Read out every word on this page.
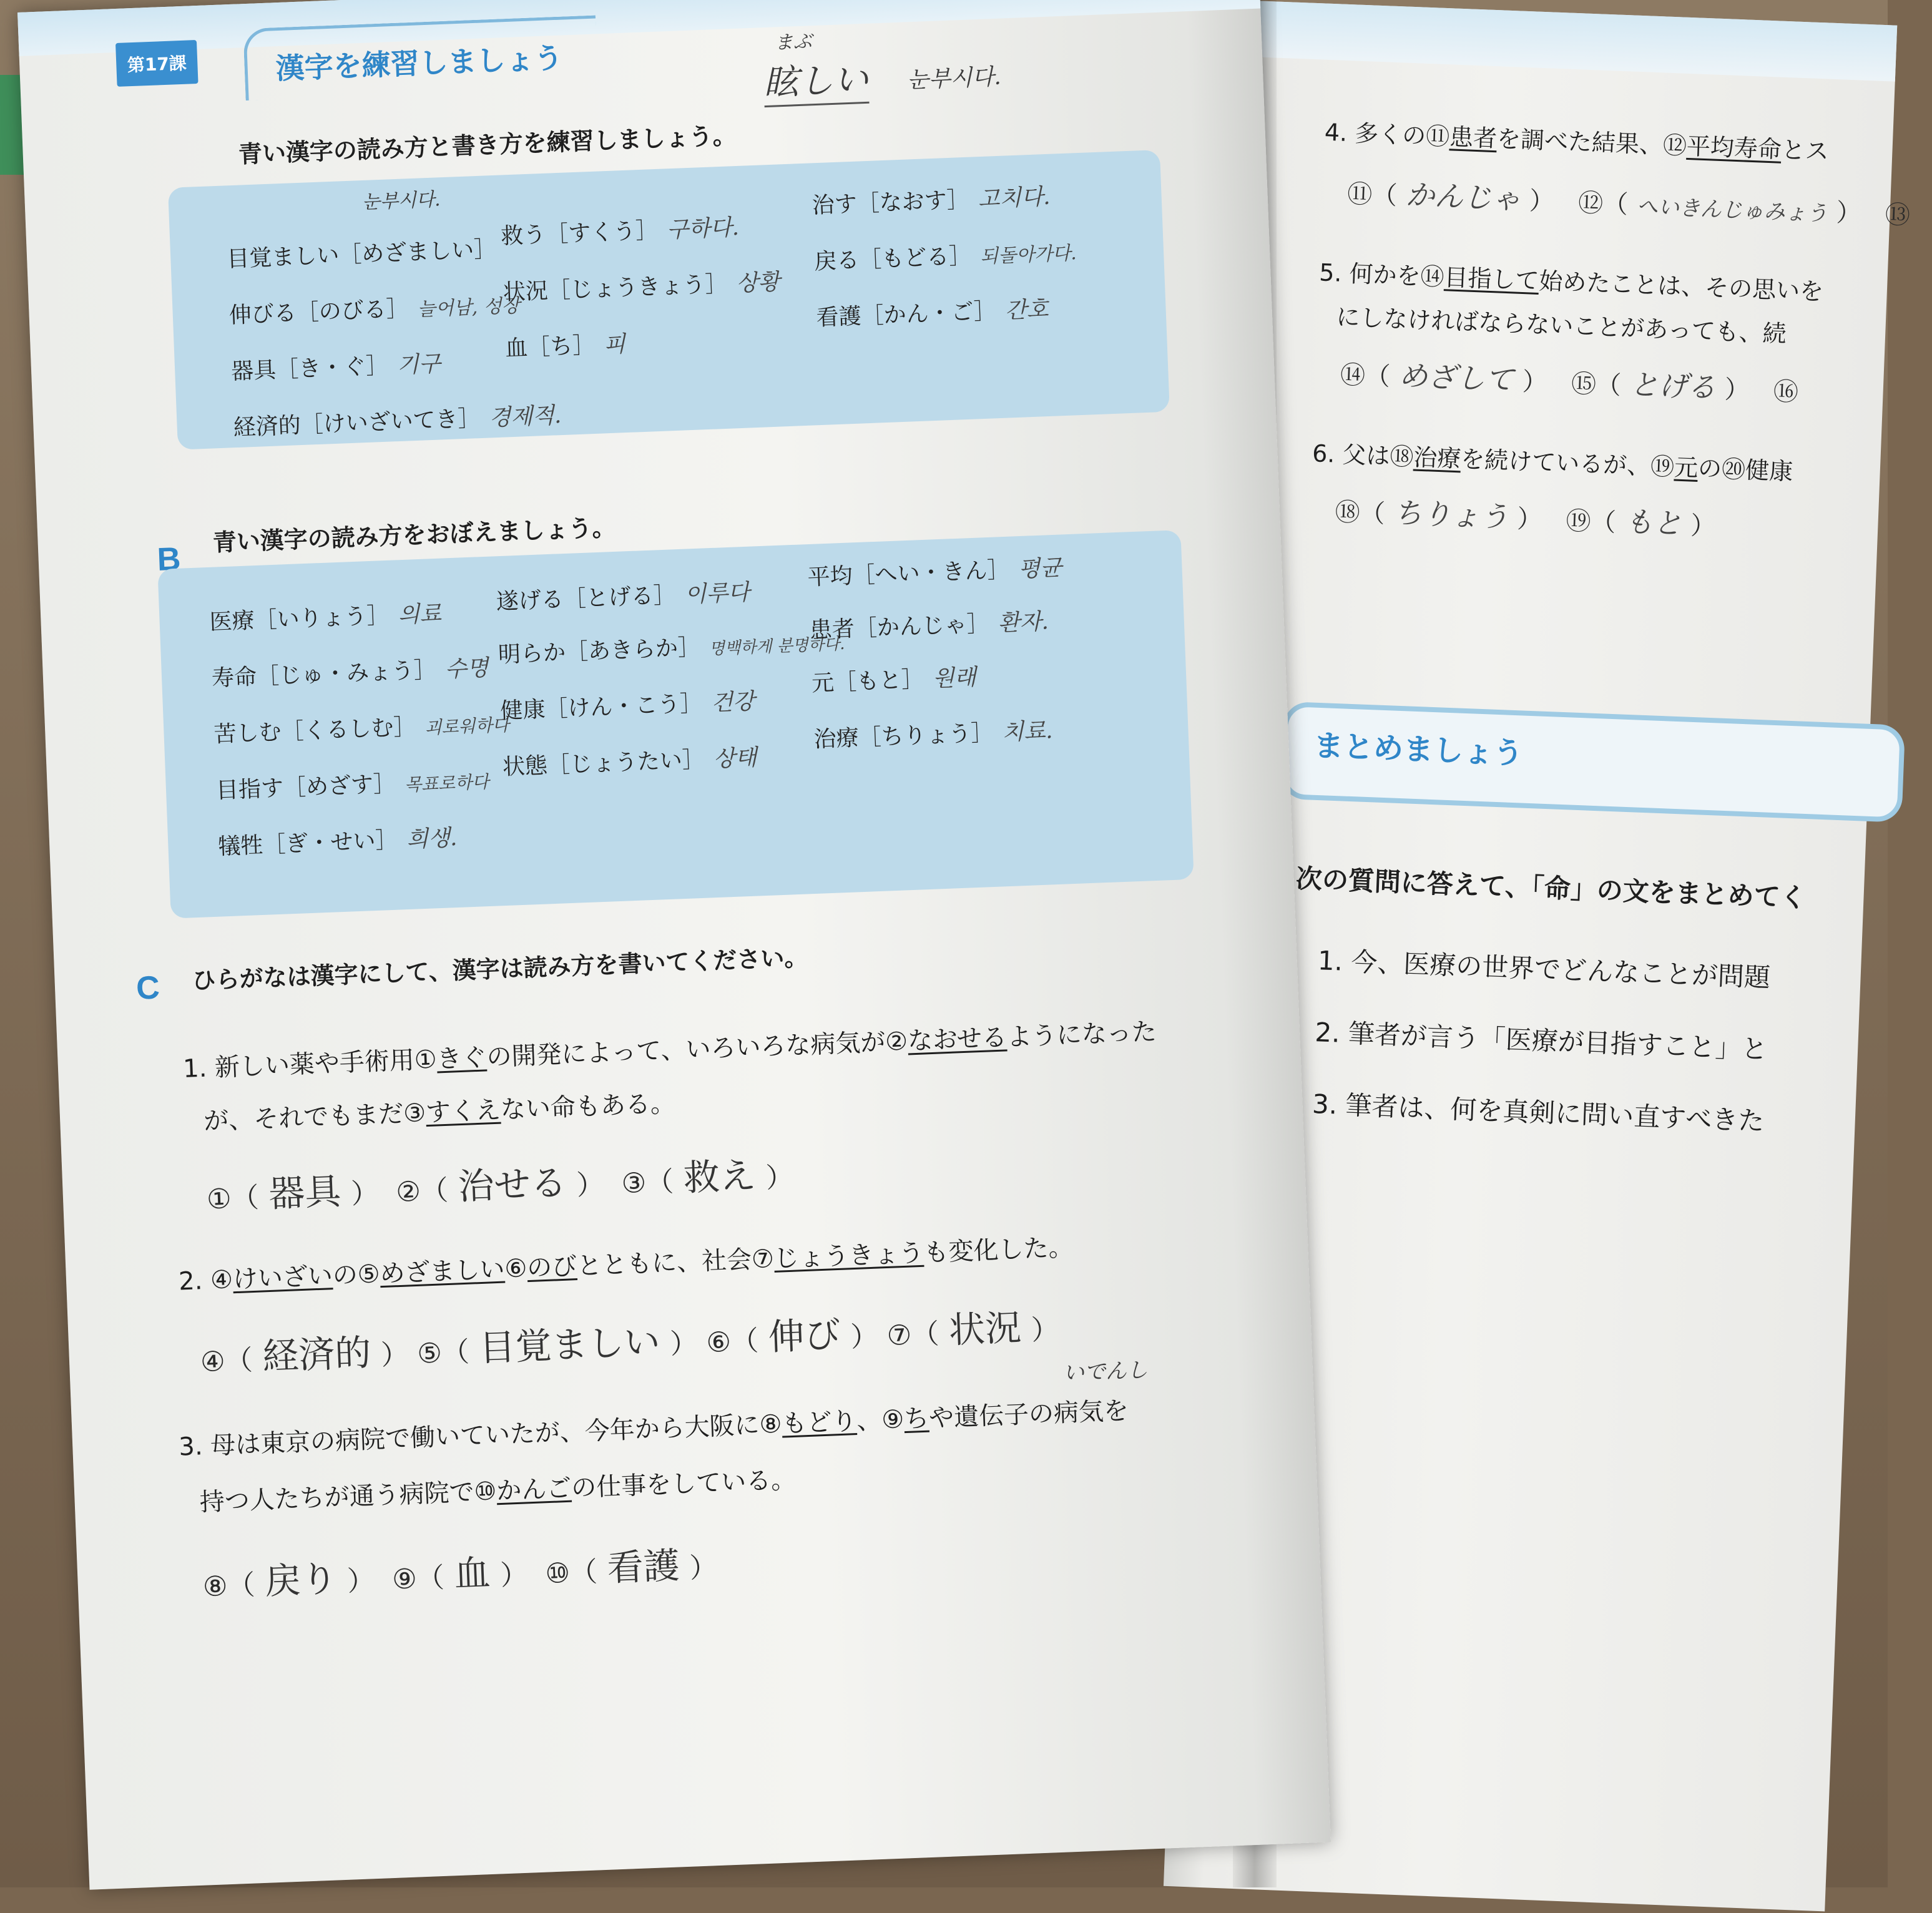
4. 多くの⑪患者を調べた結果、⑫平均寿命とス
⑪（ かんじゃ ）   ⑫（ へいきんじゅみょう ）   ⑬
5. 何かを⑭目指して始めたことは、その思いを
にしなければならないことがあっても、続
⑭（ めざして ）   ⑮（ とげる ）   ⑯
6. 父は⑱治療を続けているが、⑲元の⑳健康
⑱（ ちりょう ）   ⑲（ もと ）
まとめましょう
次の質問に答えて、「命」の文をまとめてく
1. 今、医療の世界でどんなことが問題
2. 筆者が言う「医療が目指すこと」と
3. 筆者は、何を真剣に問い直すべきた
第17課	漢字を練習しましょう	まぶ
眩しい 눈부시다.
青い漢字の読み方と書き方を練習しましょう。
눈부시다.
目覚ましい［めざましい］
救う［すくう］ 구하다.
治す［なおす］ 고치다.
伸びる［のびる］ 늘어남, 성장
状況［じょうきょう］ 상황
戻る［もどる］ 되돌아가다.
器具［き・ぐ］ 기구
血［ち］ 피
看護［かん・ご］ 간호
経済的［けいざいてき］ 경제적.
B
青い漢字の読み方をおぼえましょう。
医療［いりょう］ 의료 遂げる［とげる］ 이루다
平均［へい・きん］ 평균
寿命［じゅ・みょう］ 수명
明らか［あきらか］ 명백하게 분명하다.
患者［かんじゃ］ 환자.
苦しむ［くるしむ］ 괴로워하다
健康［けん・こう］ 건강
元［もと］ 원래
目指す［めざす］ 목표로하다
状態［じょうたい］ 상태
治療［ちりょう］ 치료.
犠牲［ぎ・せい］ 희생.
C ひらがなは漢字にして、漢字は読み方を書いてください。
1. 新しい薬や手術用①きぐの開発によって、いろいろな病気が②なおせるようになった
が、それでもまだ③すくえない命もある。
①（ 器具 ）  ②（ 治せる ）  ③（ 救え ）
2. ④けいざいの⑤めざましい⑥のびとともに、社会⑦じょうきょうも変化した。
④（ 経済的 ） ⑤（ 目覚ましい ） ⑥（ 伸び ） ⑦（ 状況 ）
いでんし
3. 母は東京の病院で働いていたが、今年から大阪に⑧もどり、⑨ちや遺伝子の病気を
持つ人たちが通う病院で⑩かんごの仕事をしている。
⑧（ 戻り ）  ⑨（ 血 ）  ⑩（ 看護 ）
